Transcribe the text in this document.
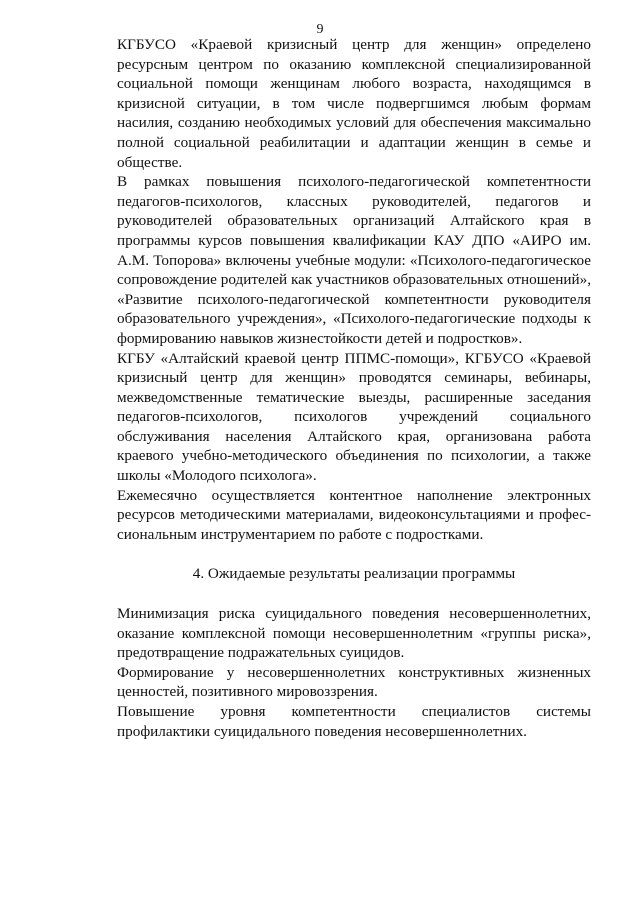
9

КГБУСО «Краевой кризисный центр для женщин» определено ресурсным центром по оказанию комплексной специализированной социальной помощи женщинам любого возраста, находящимся в кризисной ситуации, в том числе подвергшимся любым формам насилия, созданию необходимых условий для обеспечения максимально полной социальной реабилитации и адаптации женщин в семье и обществе.

В рамках повышения психолого-педагогической компетентности педагогов-психологов, классных руководителей, педагогов и руководителей образовательных организаций Алтайского края в программы курсов повышения квалификации КАУ ДПО «АИРО им. А.М. Топорова» включены учебные модули: «Психолого-педагогическое сопровождение родителей как участников образовательных отношений», «Развитие психолого-педагогической компетентности руководителя образовательного учреждения», «Психолого-педагогические подходы к формированию навыков жизнестойкости детей и подростков».

КГБУ «Алтайский краевой центр ППМС-помощи», КГБУСО «Краевой кризисный центр для женщин» проводятся семинары, вебинары, межведомственные тематические выезды, расширенные заседания педагогов-психологов, психологов учреждений социального обслуживания населения Алтайского края, организована работа краевого учебно-методического объединения по психологии, а также школы «Молодого психолога».

Ежемесячно осуществляется контентное наполнение электронных ресурсов методическими материалами, видеоконсультациями и профес-сиональным инструментарием по работе с подростками.

4. Ожидаемые результаты реализации программы

Минимизация риска суицидального поведения несовершеннолетних, оказание комплексной помощи несовершеннолетним «группы риска», предотвращение подражательных суицидов.

Формирование у несовершеннолетних конструктивных жизненных ценностей, позитивного мировоззрения.

Повышение уровня компетентности специалистов системы профилактики суицидального поведения несовершеннолетних.
